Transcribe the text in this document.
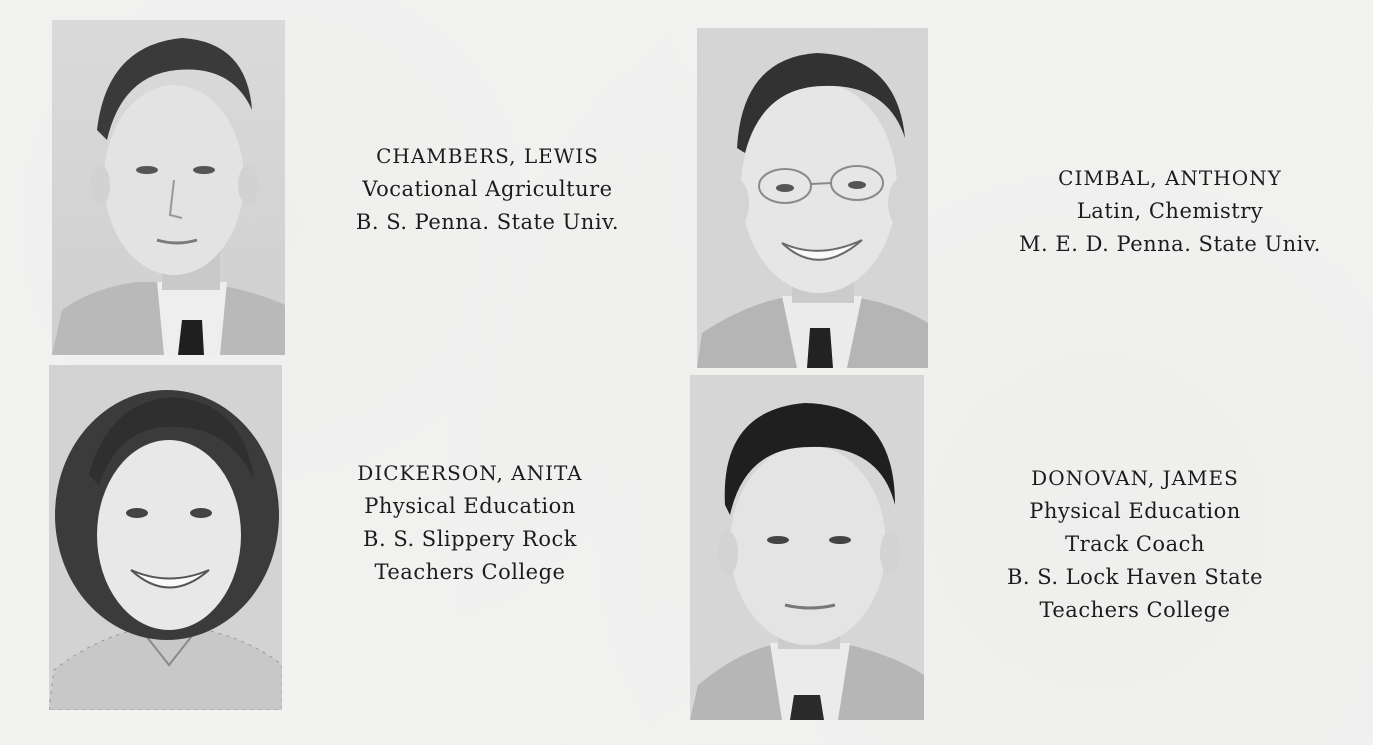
CHAMBERS, LEWIS
Vocational Agriculture
B. S. Penna. State Univ.
CIMBAL, ANTHONY
Latin, Chemistry
M. E. D. Penna. State Univ.
DICKERSON, ANITA
Physical Education
B. S. Slippery Rock
Teachers College
DONOVAN, JAMES
Physical Education
Track Coach
B. S. Lock Haven State
Teachers College
